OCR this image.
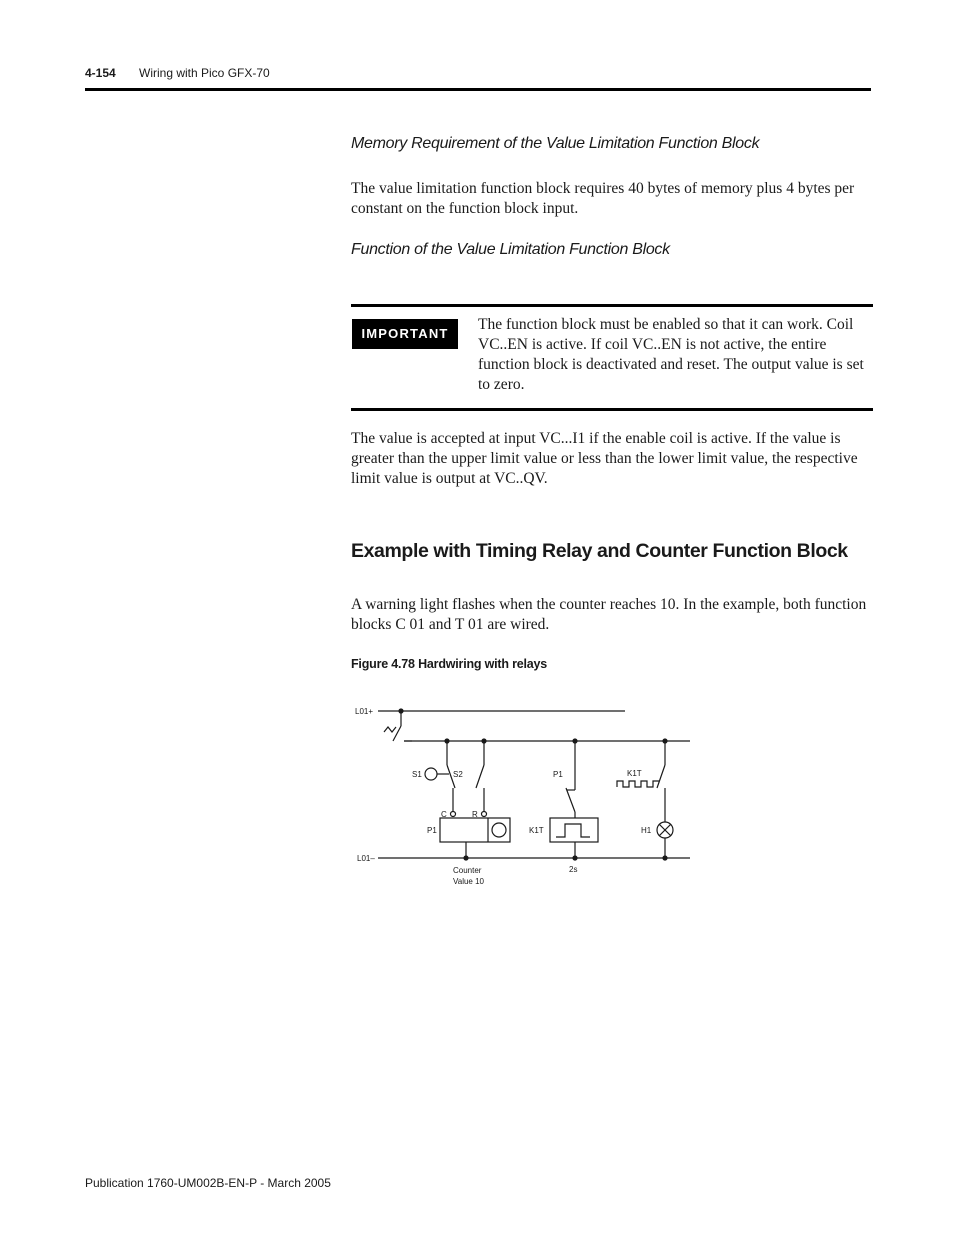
4-154 Wiring with Pico GFX-70
Memory Requirement of the Value Limitation Function Block
The value limitation function block requires 40 bytes of memory plus 4 bytes per constant on the function block input.
Function of the Value Limitation Function Block
IMPORTANT
The function block must be enabled so that it can work. Coil VC..EN is active. If coil VC..EN is not active, the entire function block is deactivated and reset. The output value is set to zero.
The value is accepted at input VC...I1 if the enable coil is active. If the value is greater than the upper limit value or less than the lower limit value, the respective limit value is output at VC..QV.
Example with Timing Relay and Counter Function Block
A warning light flashes when the counter reaches 10. In the example, both function blocks C 01 and T 01 are wired.
Figure 4.78 Hardwiring with relays
L01+
L01–
S1	S2
C	R
P1
P1
K1T
K1T
H1
Counter
Value 10
2s
Publication 1760-UM002B-EN-P - March 2005
